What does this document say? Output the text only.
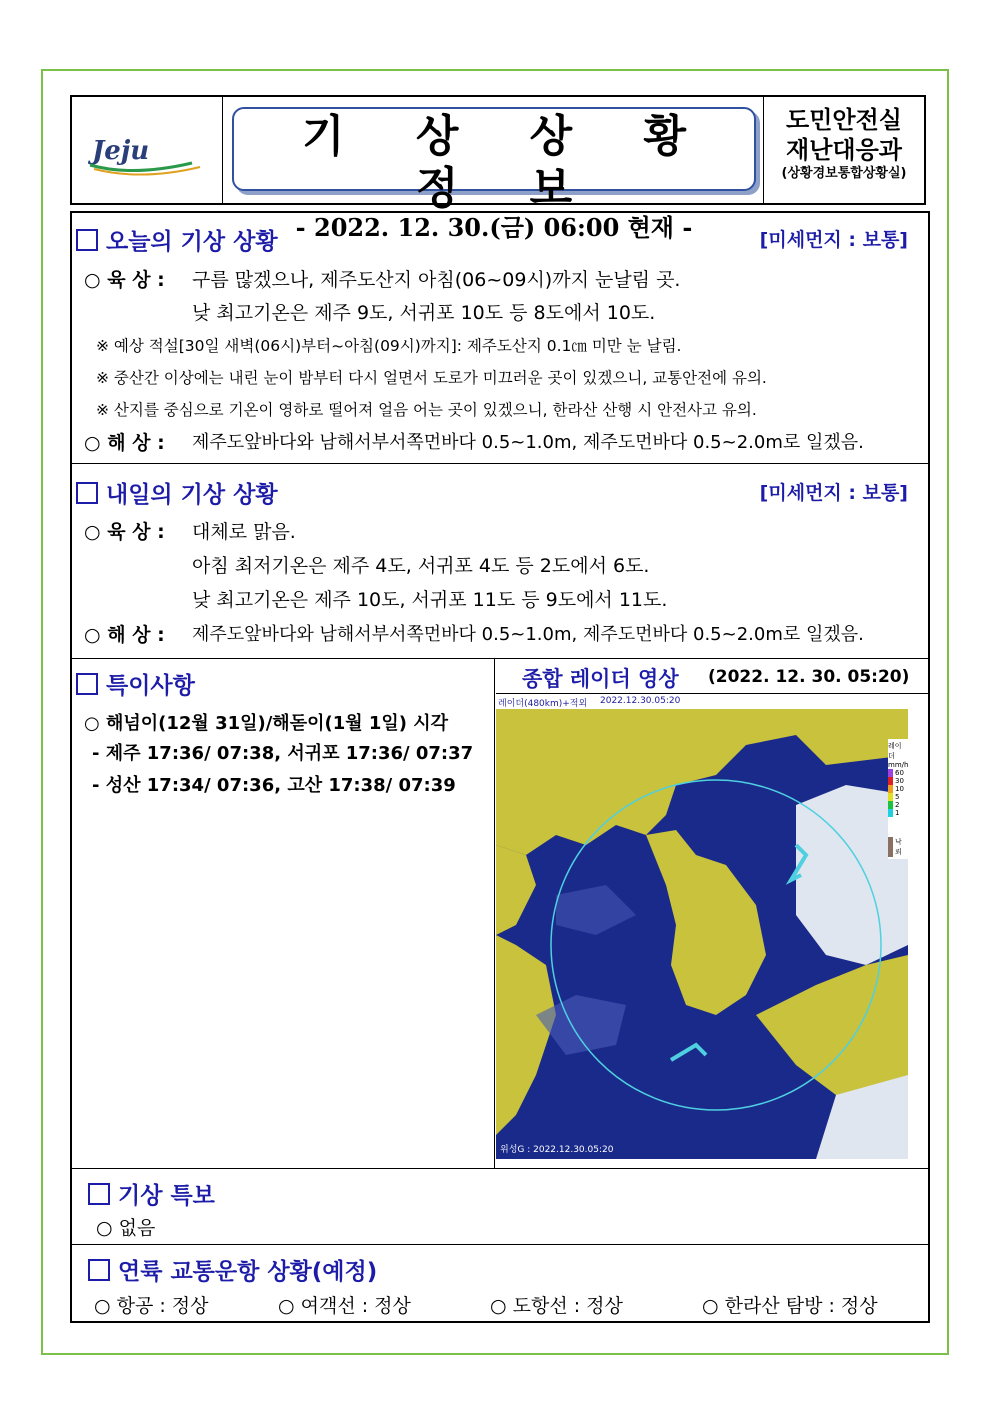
Jeju	기 상 상 황 정 보
- 2022. 12. 30.(금) 06:00 현재 -
도민안전실
재난대응과
(상황경보통합상황실)
오늘의 기상 상황	[미세먼지 : 보통]
○ 육 상 : 구름 많겠으나, 제주도산지 아침(06~09시)까지 눈날림 곳.
낮 최고기온은 제주 9도, 서귀포 10도 등 8도에서 10도.
※ 예상 적설[30일 새벽(06시)부터~아침(09시)까지]: 제주도산지 0.1㎝ 미만 눈 날림.
※ 중산간 이상에는 내린 눈이 밤부터 다시 얼면서 도로가 미끄러운 곳이 있겠으니, 교통안전에 유의.
※ 산지를 중심으로 기온이 영하로 떨어져 얼음 어는 곳이 있겠으니, 한라산 산행 시 안전사고 유의.
○ 해 상 : 제주도앞바다와 남해서부서쪽먼바다 0.5~1.0m, 제주도먼바다 0.5~2.0m로 일겠음.
내일의 기상 상황	[미세먼지 : 보통]
○ 육 상 : 대체로 맑음.
아침 최저기온은 제주 4도, 서귀포 4도 등 2도에서 6도.
낮 최고기온은 제주 10도, 서귀포 11도 등 9도에서 11도.
○ 해 상 : 제주도앞바다와 남해서부서쪽먼바다 0.5~1.0m, 제주도먼바다 0.5~2.0m로 일겠음.
특이사항
○ 해넘이(12월 31일)/해돋이(1월 1일) 시각
- 제주 17:36/ 07:38, 서귀포 17:36/ 07:37
- 성산 17:34/ 07:36, 고산 17:38/ 07:39
종합 레이더 영상 (2022. 12. 30. 05:20)
레이더(480km)+적외 2022.12.30.05:20
위성G : 2022.12.30.05:20
레이더
mm/h
60
30
10
5
2
1
낙뢰
기상 특보
○ 없음
연륙 교통운항 상황(예정)
○ 항공 : 정상	○ 여객선 : 정상	○ 도항선 : 정상	○ 한라산 탐방 : 정상
